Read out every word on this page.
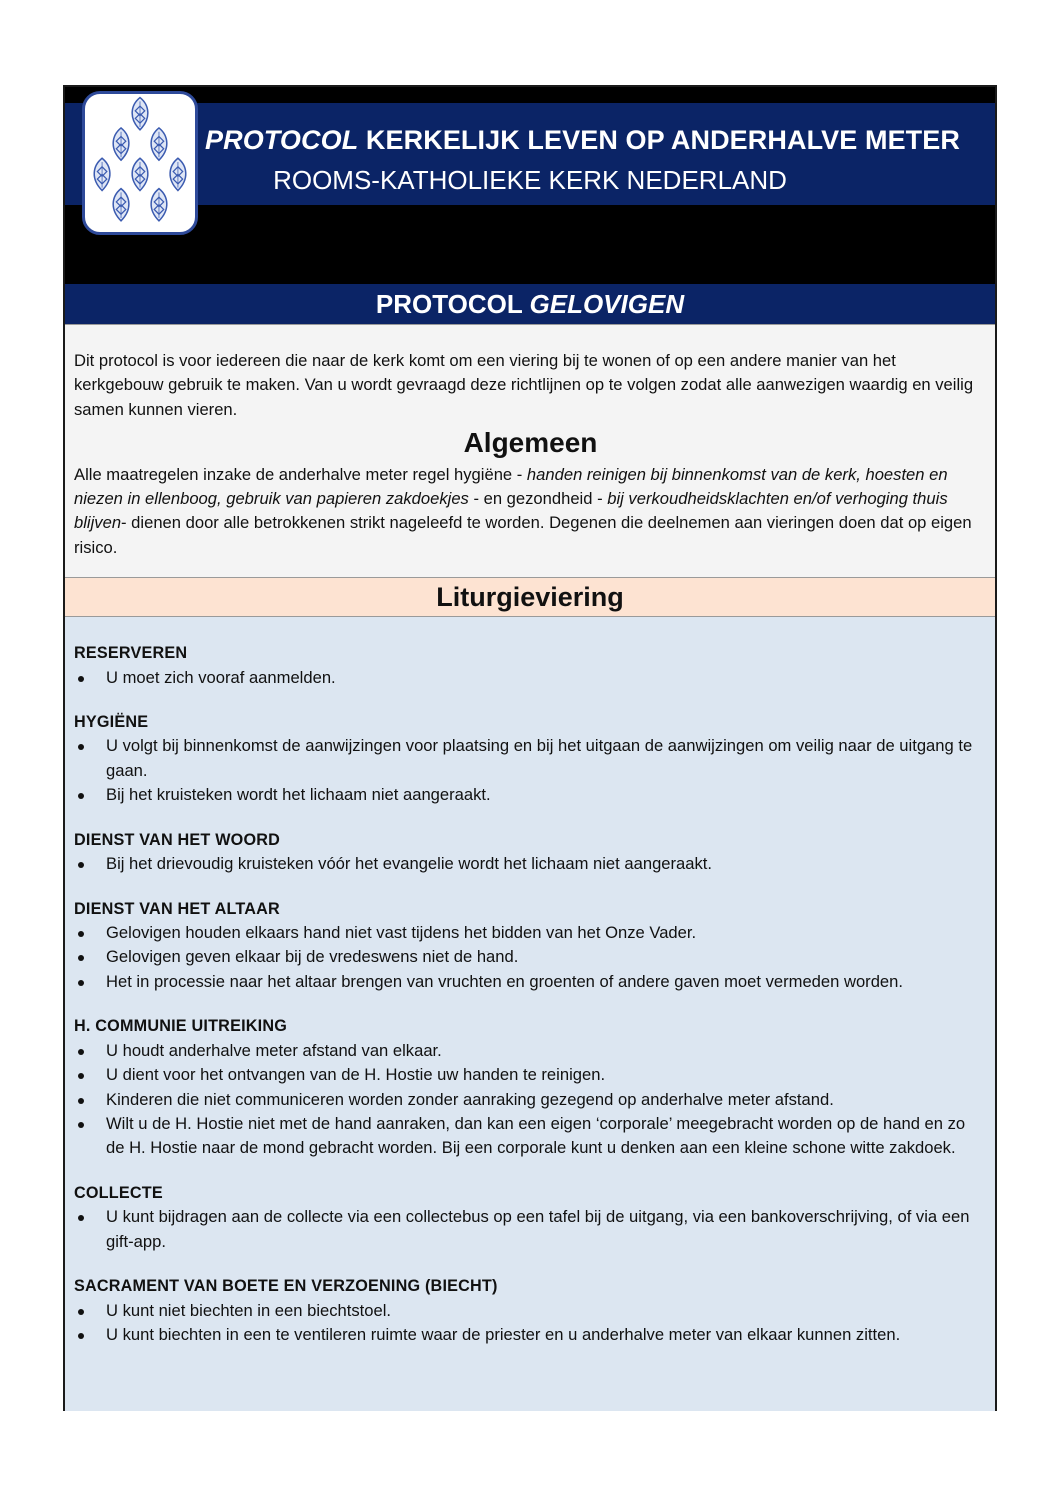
PROTOCOL KERKELIJK LEVEN OP ANDERHALVE METER
ROOMS-KATHOLIEKE KERK NEDERLAND
PROTOCOL GELOVIGEN

Dit protocol is voor iedereen die naar de kerk komt om een viering bij te wonen of op een andere manier van het kerkgebouw gebruik te maken. Van u wordt gevraagd deze richtlijnen op te volgen zodat alle aanwezigen waardig en veilig samen kunnen vieren.

Algemeen

Alle maatregelen inzake de anderhalve meter regel hygiëne - handen reinigen bij binnenkomst van de kerk, hoesten en niezen in ellenboog, gebruik van papieren zakdoekjes - en gezondheid - bij verkoudheidsklachten en/of verhoging thuis blijven- dienen door alle betrokkenen strikt nageleefd te worden. Degenen die deelnemen aan vieringen doen dat op eigen risico.

Liturgieviering
RESERVEREN
U moet zich vooraf aanmelden.
HYGIËNE
U volgt bij binnenkomst de aanwijzingen voor plaatsing en bij het uitgaan de aanwijzingen om veilig naar de uitgang te gaan.
Bij het kruisteken wordt het lichaam niet aangeraakt.
DIENST VAN HET WOORD
Bij het drievoudig kruisteken vóór het evangelie wordt het lichaam niet aangeraakt.
DIENST VAN HET ALTAAR
Gelovigen houden elkaars hand niet vast tijdens het bidden van het Onze Vader.
Gelovigen geven elkaar bij de vredeswens niet de hand.
Het in processie naar het altaar brengen van vruchten en groenten of andere gaven moet vermeden worden.
H. COMMUNIE UITREIKING
U houdt anderhalve meter afstand van elkaar.
U dient voor het ontvangen van de H. Hostie uw handen te reinigen.
Kinderen die niet communiceren worden zonder aanraking gezegend op anderhalve meter afstand.
Wilt u de H. Hostie niet met de hand aanraken, dan kan een eigen ‘corporale’ meegebracht worden op de hand en zo de H. Hostie naar de mond gebracht worden. Bij een corporale kunt u denken aan een kleine schone witte zakdoek.
COLLECTE
U kunt bijdragen aan de collecte via een collectebus op een tafel bij de uitgang, via een bankoverschrijving, of via een gift-app.
SACRAMENT VAN BOETE EN VERZOENING (BIECHT)
U kunt niet biechten in een biechtstoel.
U kunt biechten in een te ventileren ruimte waar de priester en u anderhalve meter van elkaar kunnen zitten.
